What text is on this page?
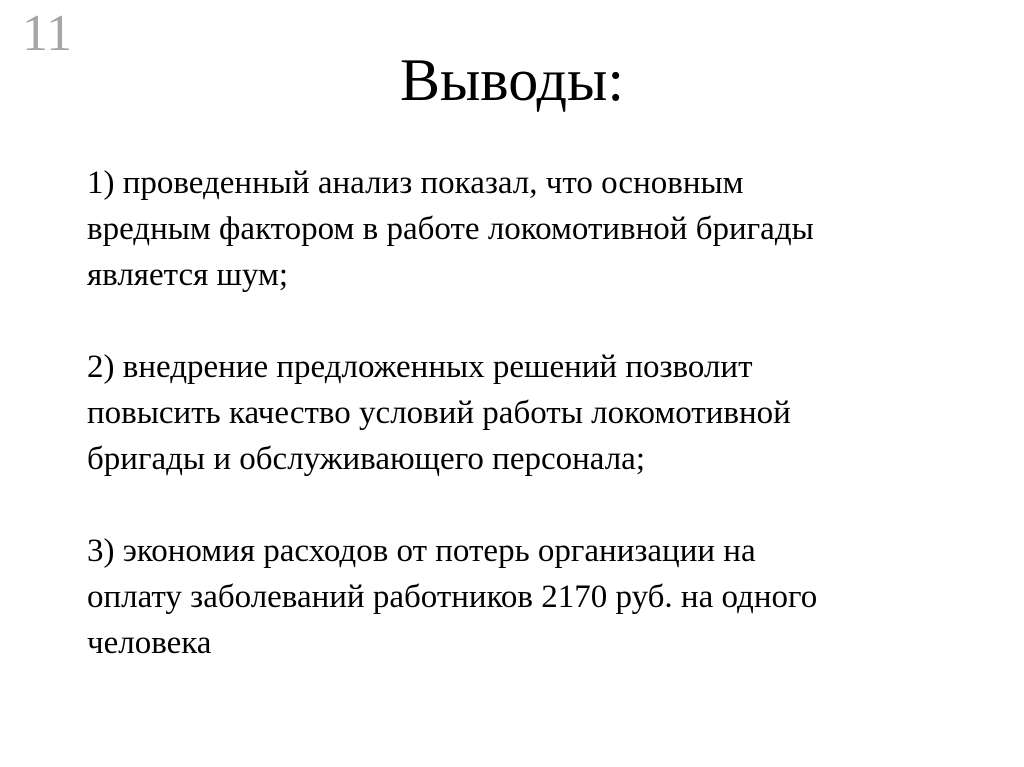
11
Выводы:
1) проведенный анализ показал, что основным
вредным фактором в работе локомотивной бригады
является шум;
2) внедрение предложенных решений позволит
повысить качество условий работы локомотивной
бригады и обслуживающего персонала;
3) экономия расходов от потерь организации на
оплату заболеваний работников 2170 руб. на одного
человека
